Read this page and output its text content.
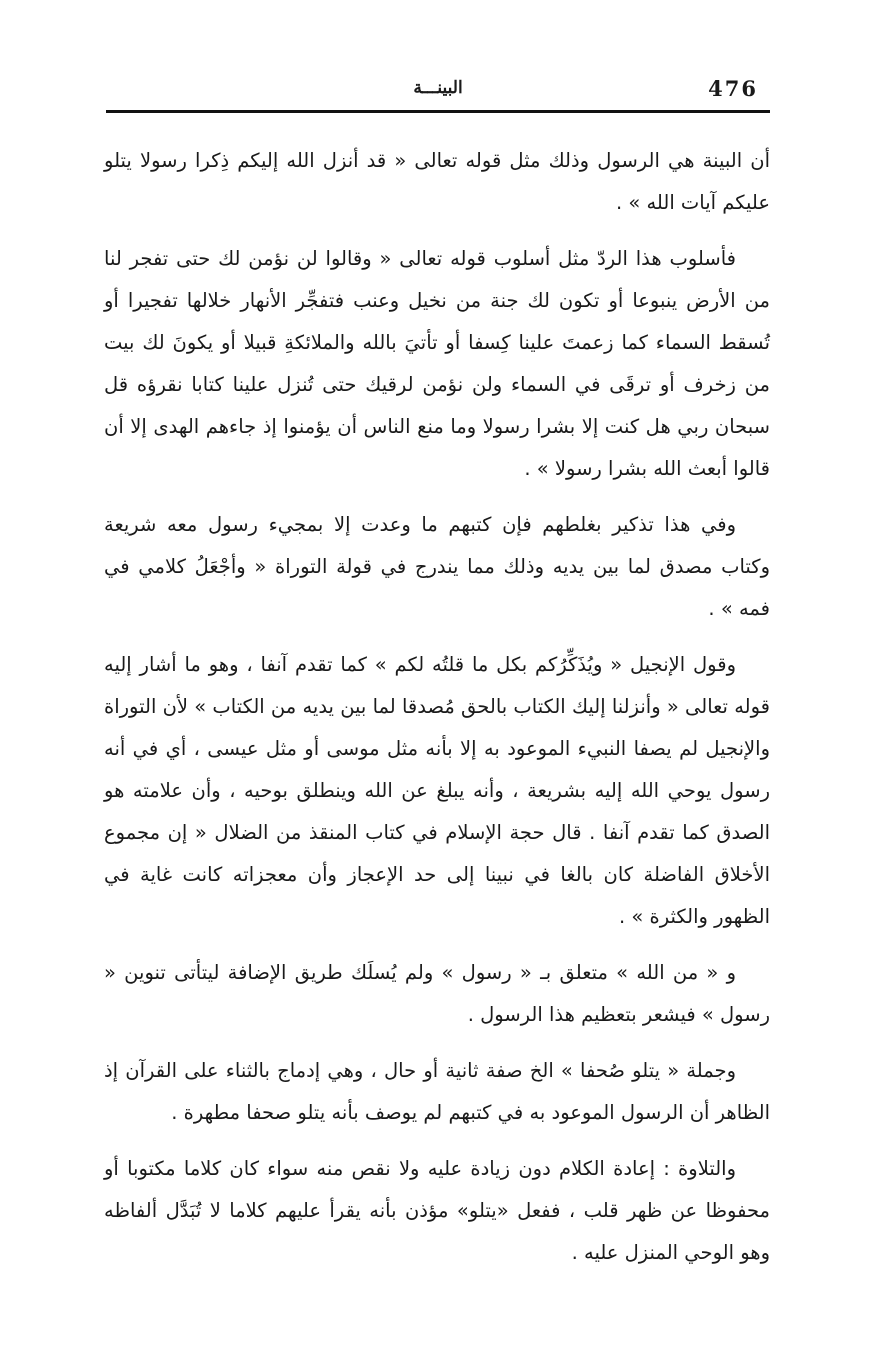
476
البينـــة

أن البينة هي الرسول وذلك مثل قوله تعالى « قد أنزل الله إليكم ذِكرا رسولا يتلو عليكم آيات الله » .

فأسلوب هذا الردّ مثل أسلوب قوله تعالى « وقالوا لن نؤمن لك حتى تفجر لنا من الأرض ينبوعا أو تكون لك جنة من نخيل وعنب فتفجِّر الأنهار خلالها تفجيرا أو تُسقط السماء كما زعمتَ علينا كِسفا أو تأتيَ بالله والملائكةِ قبيلا أو يكونَ لك بيت من زخرف أو ترقَى في السماء ولن نؤمن لرقيك حتى تُنزل علينا كتابا نقرؤه قل سبحان ربي هل كنت إلا بشرا رسولا وما منع الناس أن يؤمنوا إذ جاءهم الهدى إلا أن قالوا أبعث الله بشرا رسولا » .

وفي هذا تذكير بغلطهم فإن كتبهم ما وعدت إلا بمجيء رسول معه شريعة وكتاب مصدق لما بين يديه وذلك مما يندرج في قولة التوراة « وأجْعَلُ كلامي في فمه » .

وقول الإنجيل « ويُذَكِّرُكم بكل ما قلتُه لكم » كما تقدم آنفا ، وهو ما أشار إليه قوله تعالى « وأنزلنا إليك الكتاب بالحق مُصدقا لما بين يديه من الكتاب » لأن التوراة والإنجيل لم يصفا النبيء الموعود به إلا بأنه مثل موسى أو مثل عيسى ، أي في أنه رسول يوحي الله إليه بشريعة ، وأنه يبلغ عن الله وينطلق بوحيه ، وأن علامته هو الصدق كما تقدم آنفا . قال حجة الإسلام في كتاب المنقذ من الضلال « إن مجموع الأخلاق الفاضلة كان بالغا في نبينا إلى حد الإعجاز وأن معجزاته كانت غاية في الظهور والكثرة » .

و « من الله » متعلق بـ « رسول » ولم يُسلَك طريق الإضافة ليتأتى تنوين « رسول » فيشعر بتعظيم هذا الرسول .

وجملة « يتلو صُحفا » الخ صفة ثانية أو حال ، وهي إدماج بالثناء على القرآن إذ الظاهر أن الرسول الموعود به في كتبهم لم يوصف بأنه يتلو صحفا مطهرة .

والتلاوة : إعادة الكلام دون زيادة عليه ولا نقص منه سواء كان كلاما مكتوبا أو محفوظا عن ظهر قلب ، ففعل «يتلو» مؤذن بأنه يقرأ عليهم كلاما لا تُبَدَّل ألفاظه وهو الوحي المنزل عليه .
